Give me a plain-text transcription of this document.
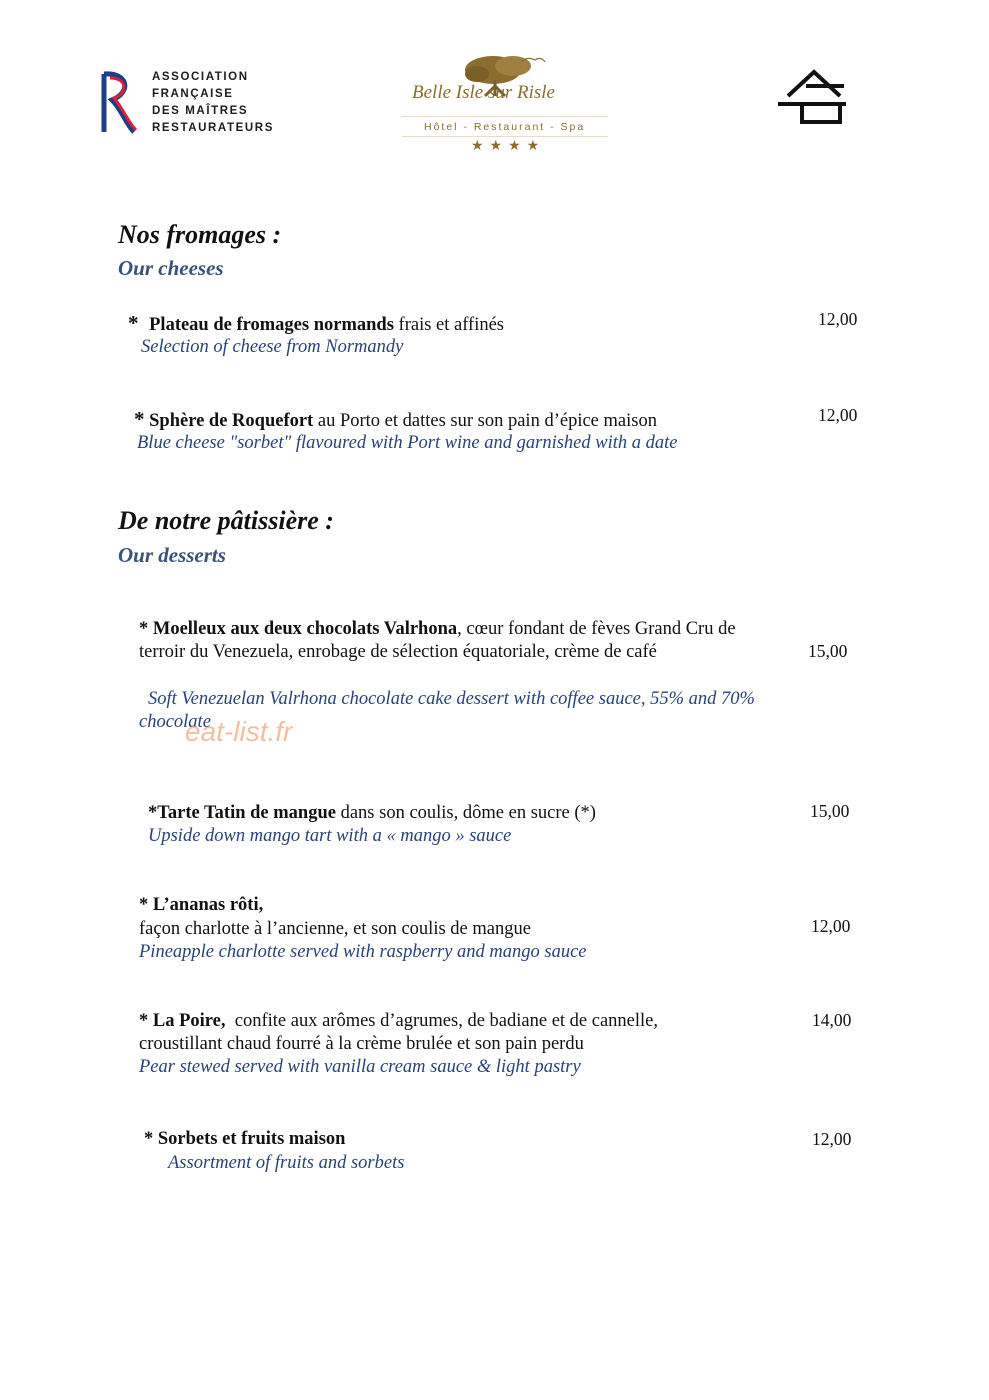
ASSOCIATION
FRANÇAISE
DES MAÎTRES
RESTAURATEURS
Belle Isle sur Risle
Hôtel - Restaurant - Spa
★★★★
Nos fromages :
Our cheeses
* Plateau de fromages normands frais et affinés
Selection of cheese from Normandy
12,00
* Sphère de Roquefort au Porto et dattes sur son pain d’épice maison
Blue cheese "sorbet" flavoured with Port wine and garnished with a date
12,00
De notre pâtissière :
Our desserts
* Moelleux aux deux chocolats Valrhona, cœur fondant de fèves Grand Cru de terroir du Venezuela, enrobage de sélection équatoriale, crème de café
Soft Venezuelan Valrhona chocolate cake dessert with coffee sauce, 55% and 70% chocolate
15,00
eat-list.fr
*Tarte Tatin de mangue dans son coulis, dôme en sucre (*)
Upside down mango tart with a « mango » sauce
15,00
* L’ananas rôti,
façon charlotte à l’ancienne, et son coulis de mangue
Pineapple charlotte served with raspberry and mango sauce
12,00
* La Poire,  confite aux arômes d’agrumes, de badiane et de cannelle, croustillant chaud fourré à la crème brulée et son pain perdu
Pear stewed served with vanilla cream sauce & light pastry
14,00
* Sorbets et fruits maison
Assortment of fruits and sorbets
12,00
